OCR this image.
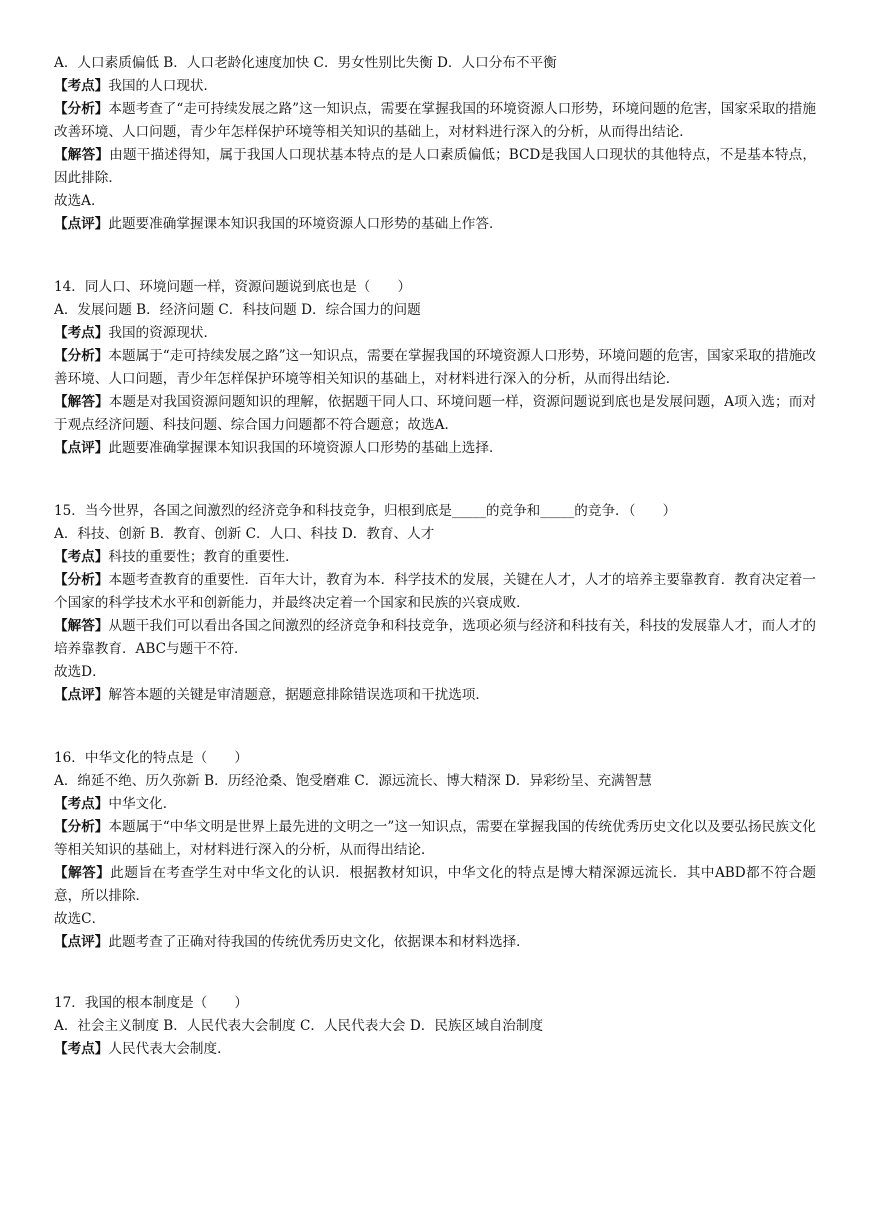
A．人口素质偏低 B．人口老龄化速度加快 C．男女性别比失衡 D．人口分布不平衡
【考点】我国的人口现状．
【分析】本题考查了“走可持续发展之路”这一知识点，需要在掌握我国的环境资源人口形势，环境问题的危害，国家采取的措施改善环境、人口问题，青少年怎样保护环境等相关知识的基础上，对材料进行深入的分析，从而得出结论．
【解答】由题干描述得知，属于我国人口现状基本特点的是人口素质偏低；BCD是我国人口现状的其他特点，不是基本特点，因此排除．
故选A．
【点评】此题要准确掌握课本知识我国的环境资源人口形势的基础上作答．
14．同人口、环境问题一样，资源问题说到底也是（　　）
A．发展问题 B．经济问题 C．科技问题 D．综合国力的问题
【考点】我国的资源现状．
【分析】本题属于“走可持续发展之路”这一知识点，需要在掌握我国的环境资源人口形势，环境问题的危害，国家采取的措施改善环境、人口问题，青少年怎样保护环境等相关知识的基础上，对材料进行深入的分析，从而得出结论．
【解答】本题是对我国资源问题知识的理解，依据题干同人口、环境问题一样，资源问题说到底也是发展问题，A项入选；而对于观点经济问题、科技问题、综合国力问题都不符合题意；故选A．
【点评】此题要准确掌握课本知识我国的环境资源人口形势的基础上选择．
15．当今世界，各国之间激烈的经济竞争和科技竞争，归根到底是_____的竞争和_____的竞争．（　　）
A．科技、创新 B．教育、创新 C．人口、科技 D．教育、人才
【考点】科技的重要性；教育的重要性．
【分析】本题考查教育的重要性．百年大计，教育为本．科学技术的发展，关键在人才，人才的培养主要靠教育．教育决定着一个国家的科学技术水平和创新能力，并最终决定着一个国家和民族的兴衰成败．
【解答】从题干我们可以看出各国之间激烈的经济竞争和科技竞争，选项必须与经济和科技有关，科技的发展靠人才，而人才的培养靠教育．ABC与题干不符．
故选D．
【点评】解答本题的关键是审清题意，据题意排除错误选项和干扰选项．
16．中华文化的特点是（　　）
A．绵延不绝、历久弥新 B．历经沧桑、饱受磨难 C．源远流长、博大精深 D．异彩纷呈、充满智慧
【考点】中华文化．
【分析】本题属于“中华文明是世界上最先进的文明之一”这一知识点，需要在掌握我国的传统优秀历史文化以及要弘扬民族文化等相关知识的基础上，对材料进行深入的分析，从而得出结论．
【解答】此题旨在考查学生对中华文化的认识．根据教材知识，中华文化的特点是博大精深源远流长．其中ABD都不符合题意，所以排除．
故选C．
【点评】此题考查了正确对待我国的传统优秀历史文化，依据课本和材料选择．
17．我国的根本制度是（　　）
A．社会主义制度 B．人民代表大会制度 C．人民代表大会 D．民族区域自治制度
【考点】人民代表大会制度．
